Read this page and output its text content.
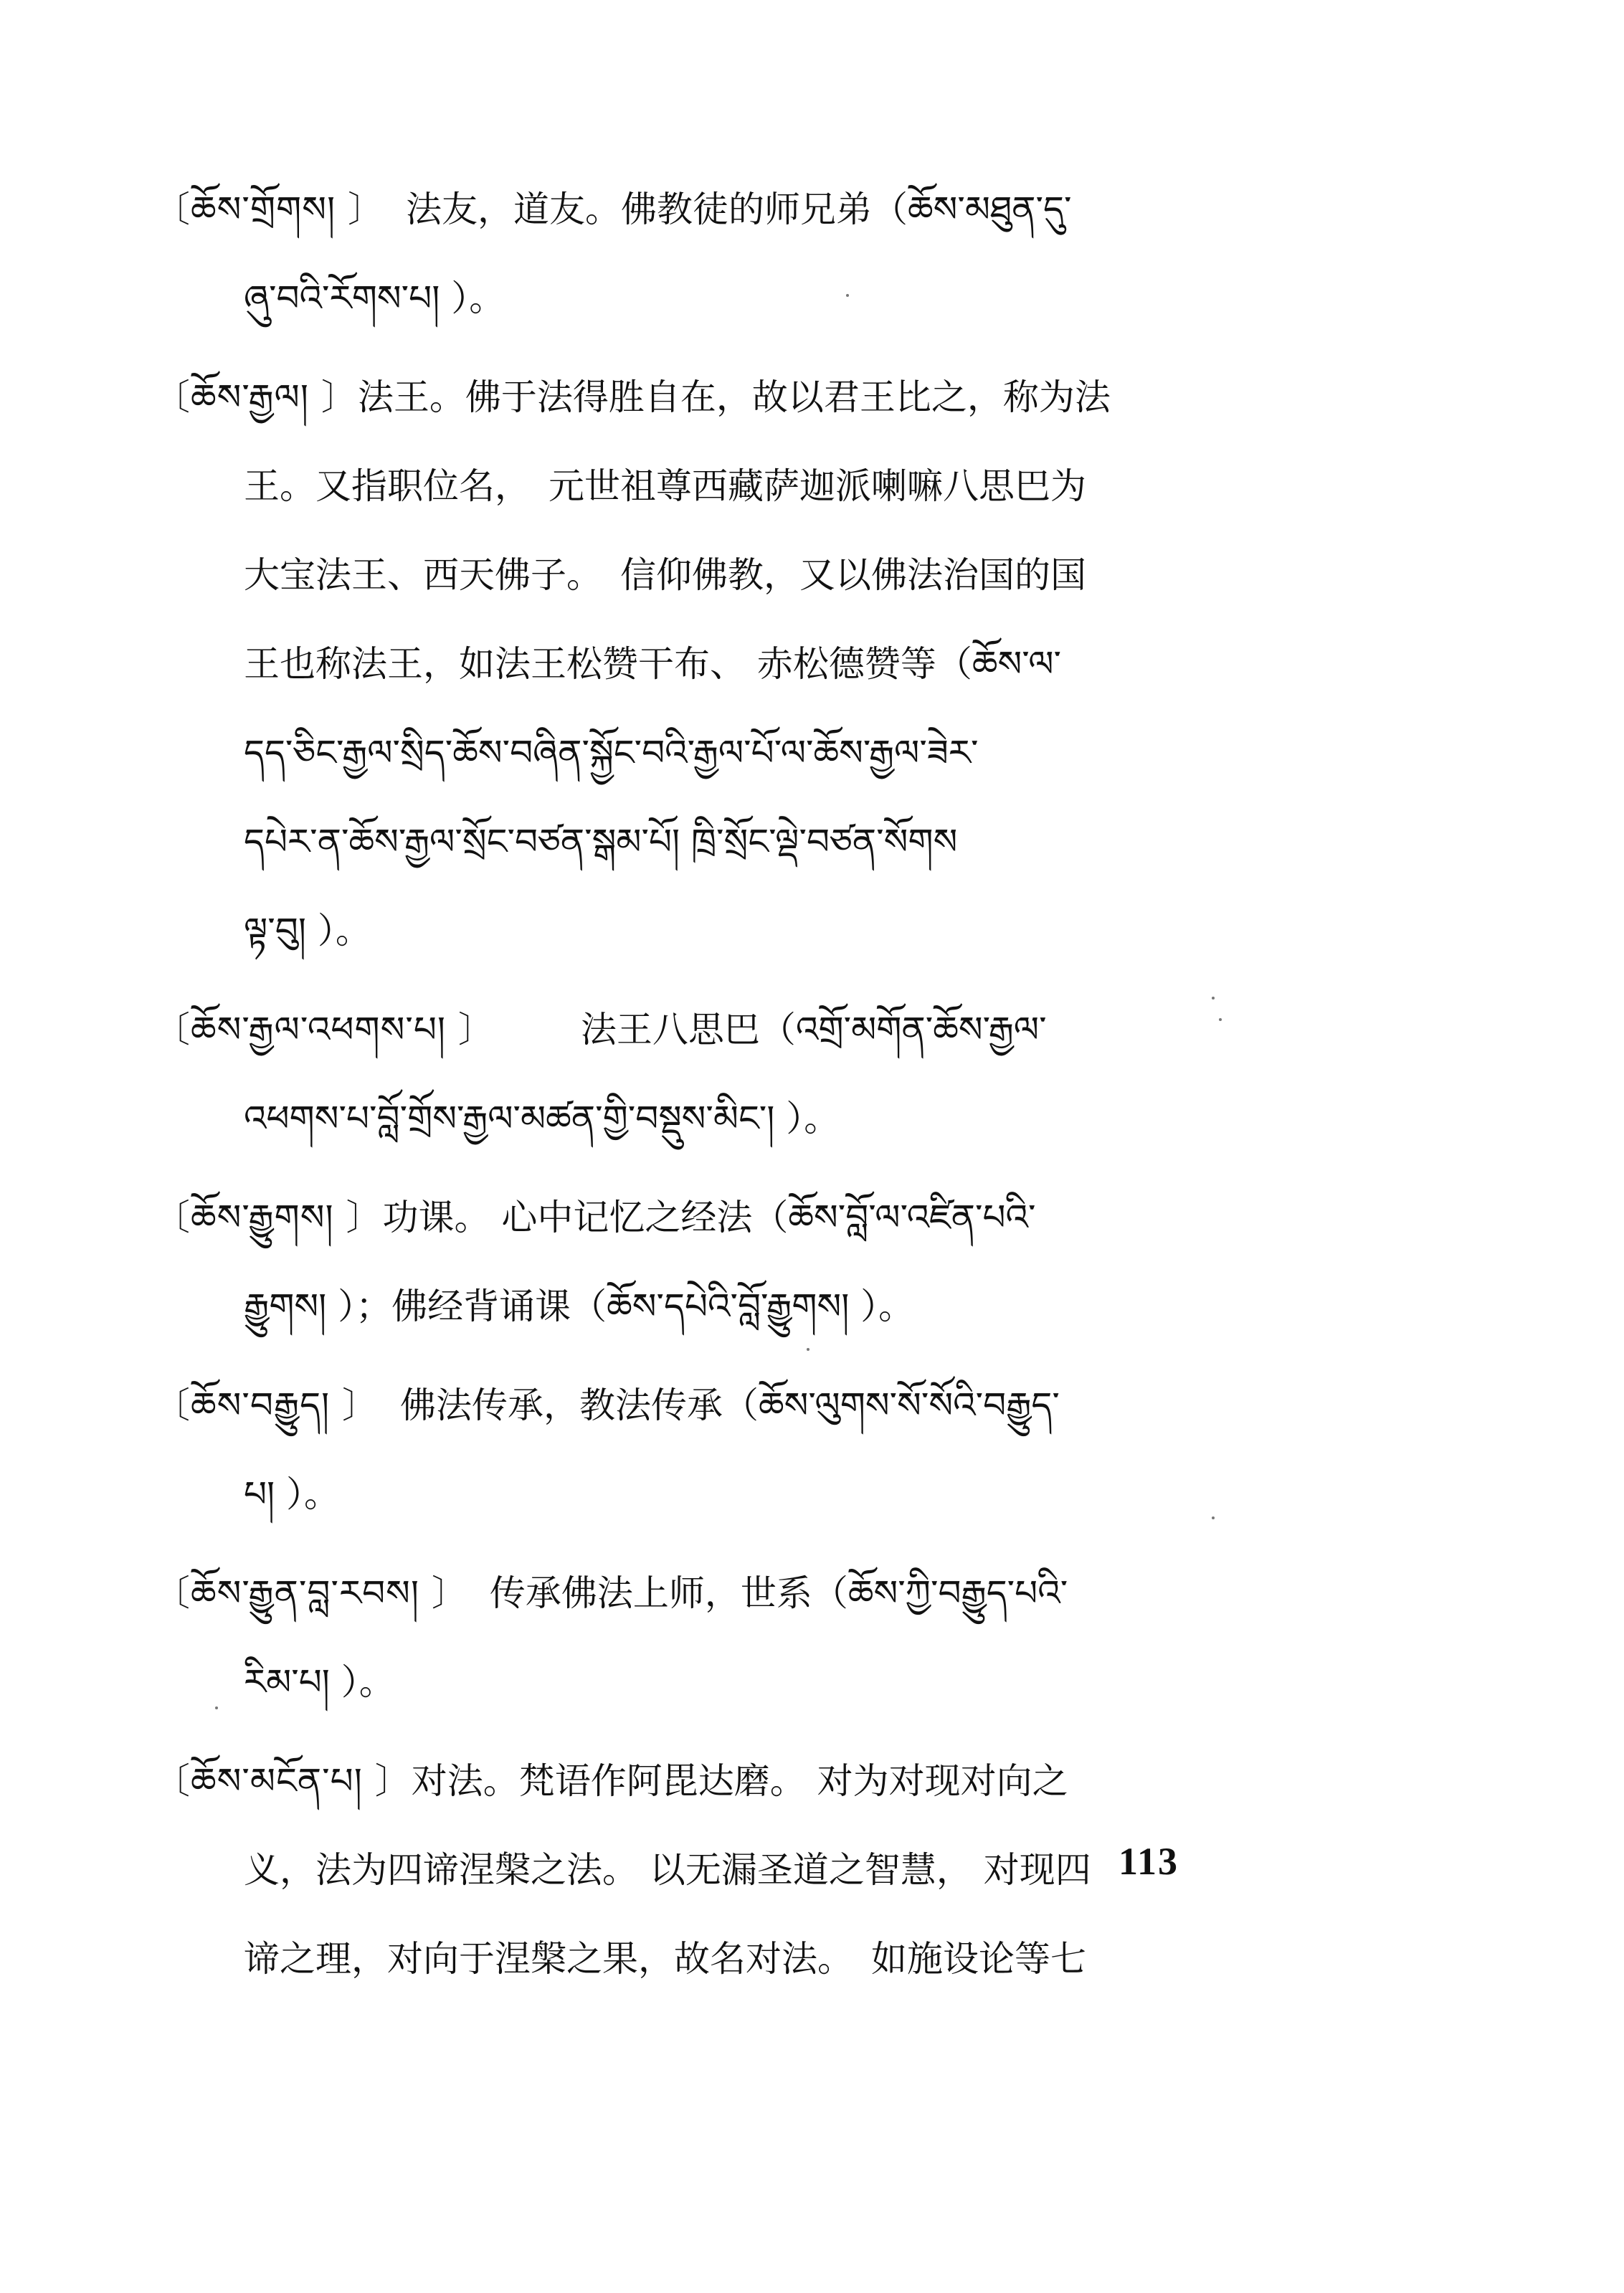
〔ཆོས་གྲོགས། 〕 法友，道友。佛教徒的师兄弟（ཆོས་མཐུན་དུ་
ཞུ་བའི་རོགས་པ། ）。
〔ཆོས་རྒྱལ། 〕法王。佛于法得胜自在，故以君王比之，称为法
王。又指职位名，　元世祖尊西藏萨迦派喇嘛八思巴为
大宝法王、西天佛子。　信仰佛教，又以佛法治国的国
王也称法王，如法王松赞干布、 赤松德赞等（ཆོས་ལ་
དད་ཅིང་རྒྱལ་སྲིད་ཆོས་བཞིན་སྐྱོང་བའི་རྒྱལ་པོ་ལ་ཆོས་རྒྱལ་ཟེར་
དཔེར་ན་ཆོས་རྒྱལ་སྲོང་བཙན་སྒམ་པོ། ཁྲི་སྲོང་ལྡེ་བཙན་སོགས
ལྟ་བུ། ）。
〔ཆོས་རྒྱལ་འཕགས་པ། 〕 法王八思巴（འགྲོ་མགོན་ཆོས་རྒྱལ་
འཕགས་པ་བློ་གྲོས་རྒྱལ་མཚན་གྱི་བསྡུས་མིང་། ）。
〔ཆོས་རྒྱུགས། 〕功课。 心中记忆之经法（ཆོས་བློ་ལ་འཛིན་པའི་
རྒྱུགས། ）；佛经背诵课（ཆོས་དཔེའི་བློ་རྒྱུགས། ）。
〔ཆོས་བརྒྱུད། 〕 佛法传承，教法传承（ཆོས་ལུགས་སོ་སོའི་བརྒྱུད་
པ། ）。
〔ཆོས་རྒྱུན་བླ་རབས། 〕 传承佛法上师，世系（ཆོས་ཀྱི་བརྒྱུད་པའི་
རིམ་པ། ）。
〔ཆོས་མངོན་པ། 〕对法。梵语作阿毘达磨。 对为对现对向之
义，法为四谛涅槃之法。 以无漏圣道之智慧， 对现四
谛之理，对向于涅槃之果，故名对法。　如施设论等七
113
